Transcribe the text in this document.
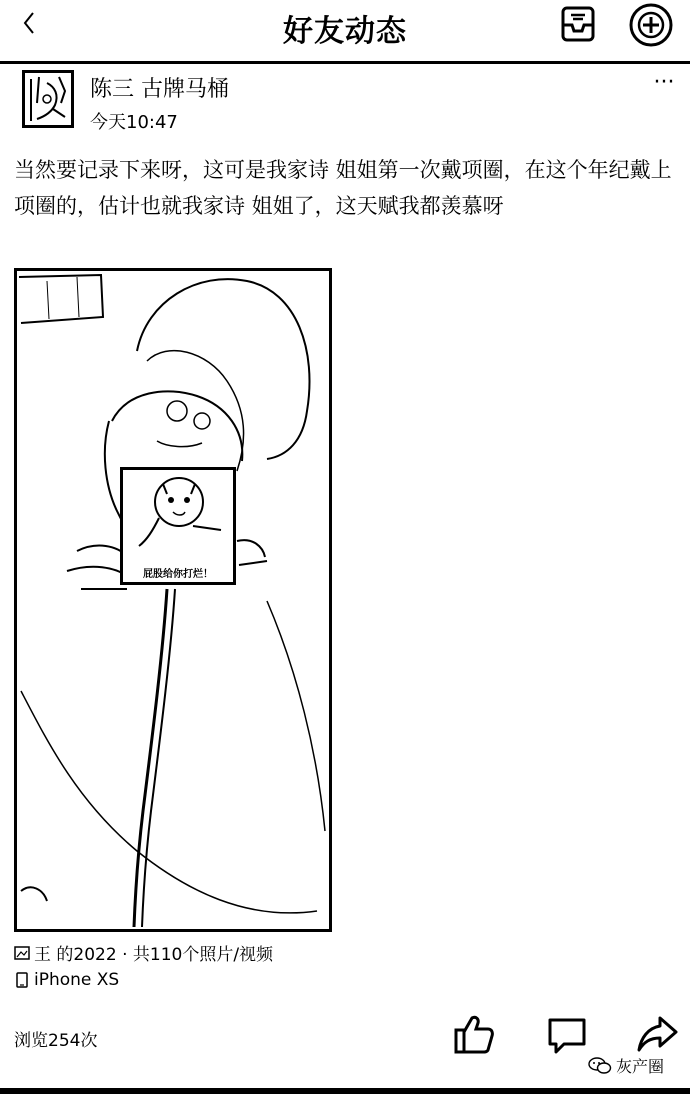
好友动态
陈三 古牌马桶
今天10:47
···
当然要记录下来呀，这可是我家诗 姐姐第一次戴项圈，在这个年纪戴上项圈的，估计也就我家诗 姐姐了，这天赋我都羡慕呀
屁股给你打烂！
王 的2022 · 共110个照片/视频
iPhone XS
浏览254次
灰产圈
